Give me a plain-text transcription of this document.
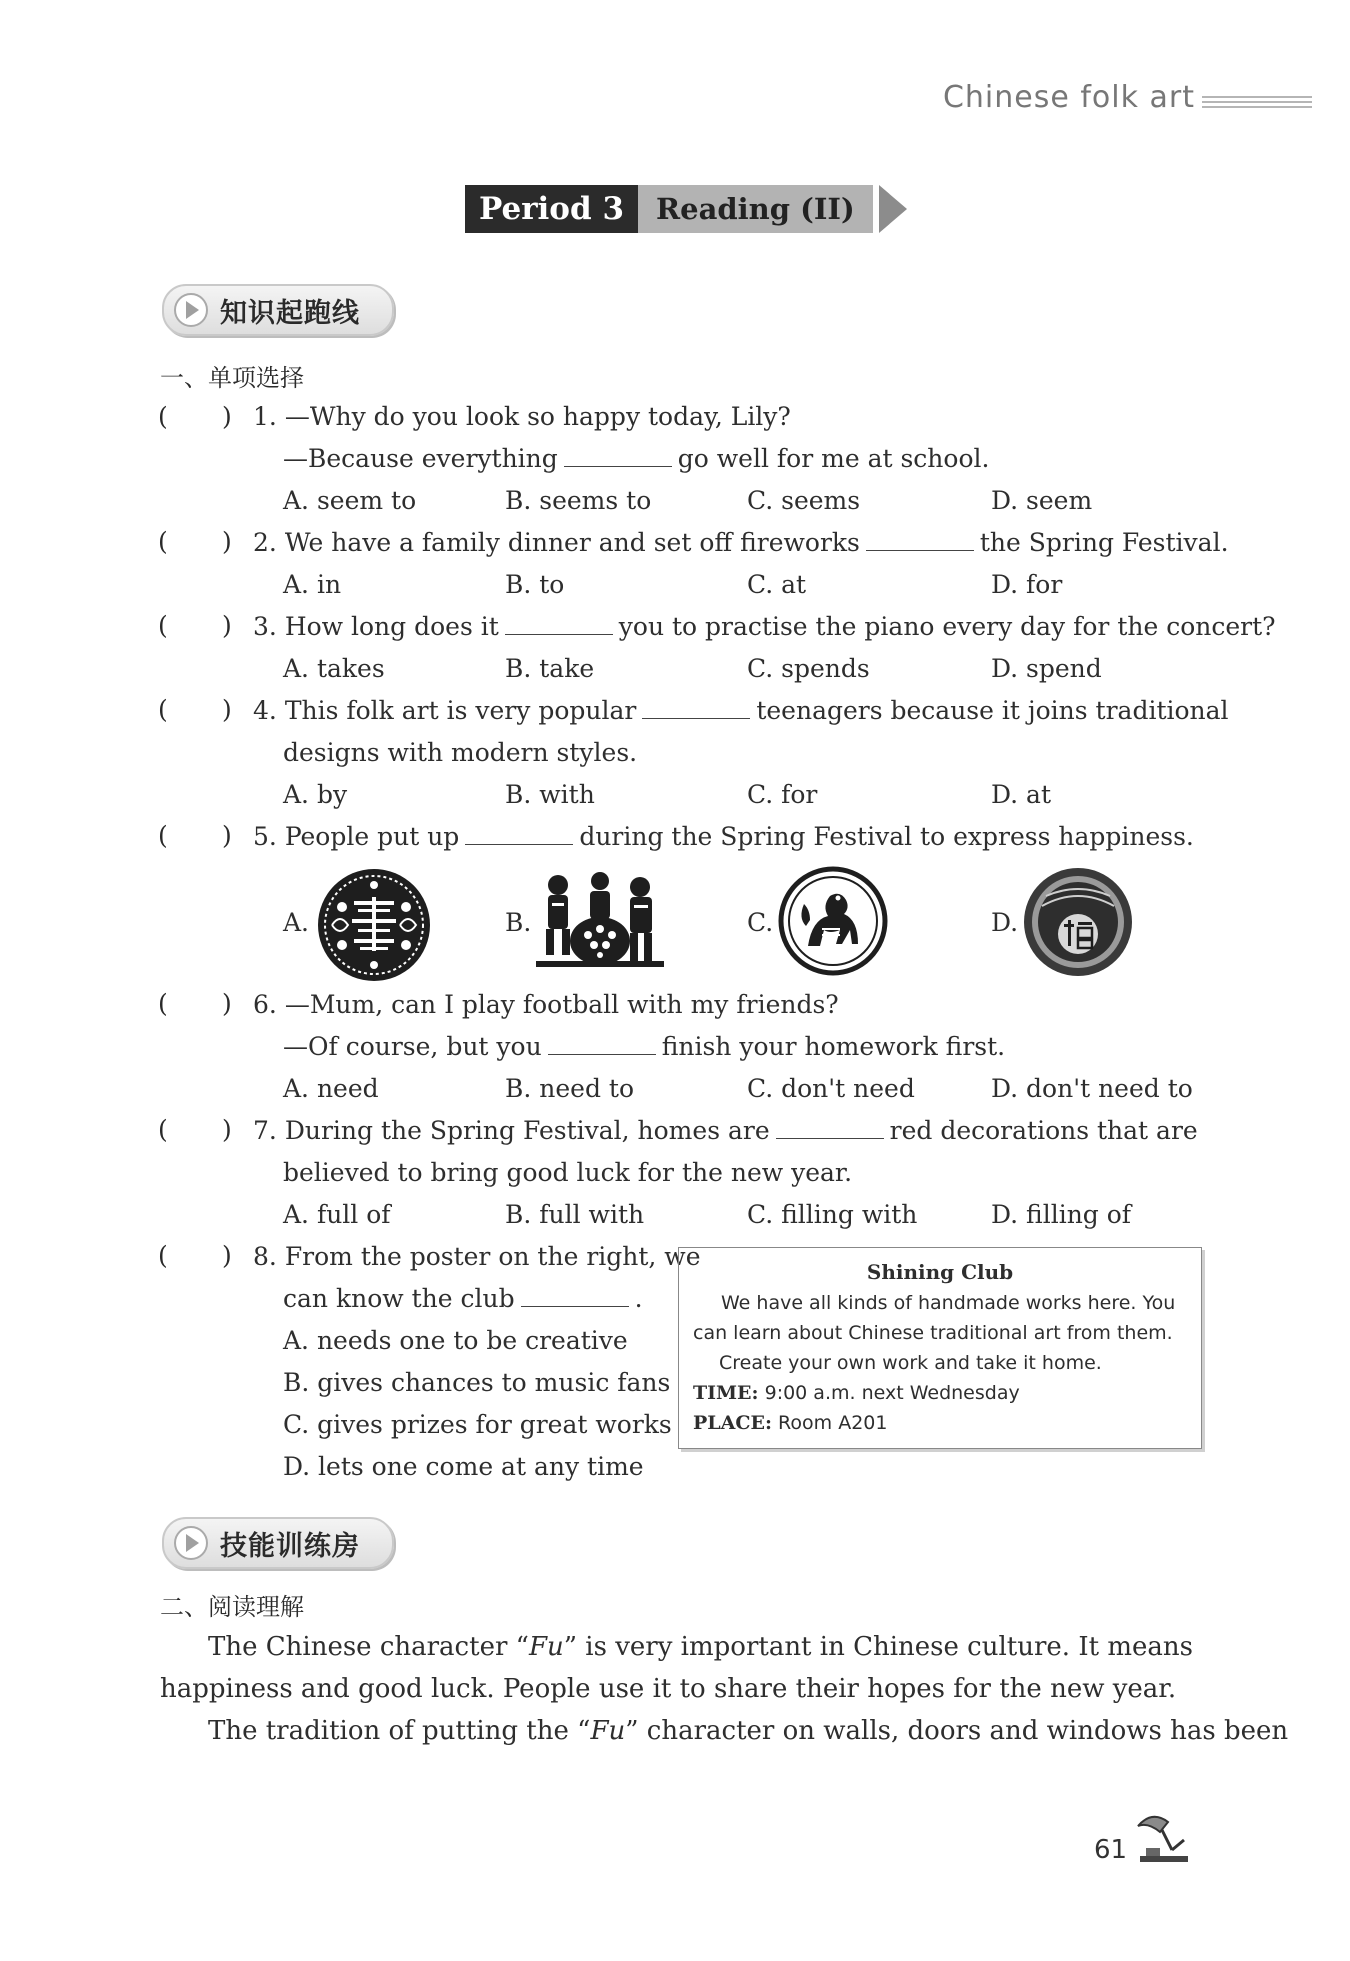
Chinese folk art
Period 3	Reading (II)
知识起跑线
一、单项选择
( )	1. —Why do you look so happy today, Lily?
—Because everything	go well for me at school.
A. seem to	B. seems to	C. seems	D. seem
( )	2. We have a family dinner and set off fireworks	the Spring Festival.
A. in	B. to	C. at	D. for
( )	3. How long does it	you to practise the piano every day for the concert?
A. takes	B. take	C. spends	D. spend
( )	4. This folk art is very popular	teenagers because it joins traditional
designs with modern styles.
A. by	B. with	C. for	D. at
( )	5. People put up	during the Spring Festival to express happiness.
A.	B.	C.	D.
( )	6. —Mum, can I play football with my friends?
—Of course, but you	finish your homework first.
A. need	B. need to	C. don't need	D. don't need to
( )	7. During the Spring Festival, homes are	red decorations that are
believed to bring good luck for the new year.
A. full of	B. full with	C. filling with	D. filling of
( )	8. From the poster on the right, we
can know the club	.
A. needs one to be creative
B. gives chances to music fans
C. gives prizes for great works
D. lets one come at any time
Shining Club
We have all kinds of handmade works here. You
can learn about Chinese traditional art from them.
Create your own work and take it home.
TIME: 9:00 a.m. next Wednesday
PLACE: Room A201
技能训练房
二、阅读理解
The Chinese character “Fu” is very important in Chinese culture. It means
happiness and good luck. People use it to share their hopes for the new year.
The tradition of putting the “Fu” character on walls, doors and windows has been
61
